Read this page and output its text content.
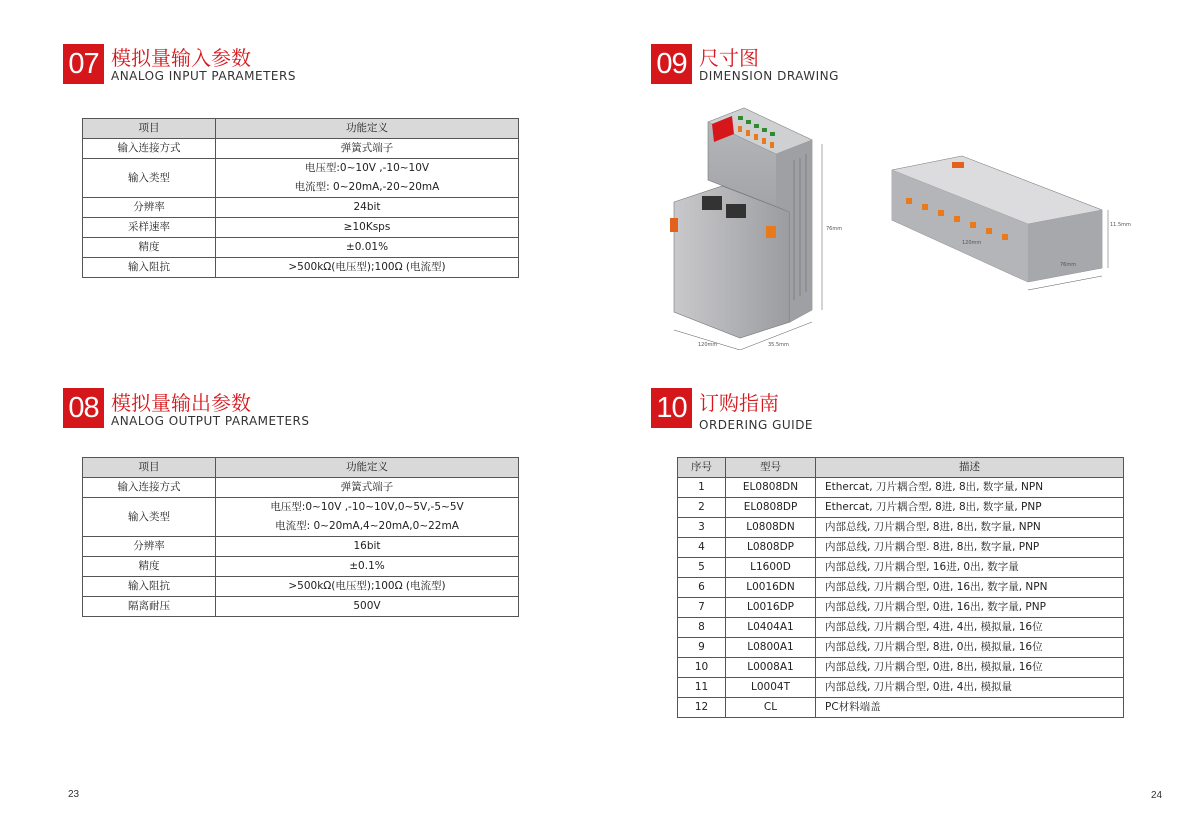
07 模拟量输入参数
ANALOG INPUT PARAMETERS
项目	功能定义
输入连接方式	弹簧式端子
输入类型	电压型:0~10V ,-10~10V
	电流型: 0~20mA,-20~20mA
分辨率	24bit
采样速率	≥10Ksps
精度	±0.01%
输入阻抗	>500kΩ(电压型);100Ω (电流型)
08 模拟量输出参数
ANALOG OUTPUT PARAMETERS
项目	功能定义
输入连接方式	弹簧式端子
输入类型	电压型:0~10V ,-10~10V,0~5V,-5~5V
	电流型: 0~20mA,4~20mA,0~22mA
分辨率	16bit
精度	±0.1%
输入阻抗	>500kΩ(电压型);100Ω (电流型)
隔离耐压	500V
09 尺寸图
DIMENSION DRAWING
76mm
120mm	35.5mm
120mm
76mm
11.5mm
10 订购指南
ORDERING GUIDE
序号	型号	描述
1	EL0808DN	Ethercat, 刀片耦合型, 8进, 8出, 数字量, NPN
2	EL0808DP	Ethercat, 刀片耦合型, 8进, 8出, 数字量, PNP
3	L0808DN	内部总线, 刀片耦合型, 8进, 8出, 数字量, NPN
4	L0808DP	内部总线, 刀片耦合型. 8进, 8出, 数字量, PNP
5	L1600D	内部总线, 刀片耦合型, 16进, 0出, 数字量
6	L0016DN	内部总线, 刀片耦合型, 0进, 16出, 数字量, NPN
7	L0016DP	内部总线, 刀片耦合型, 0进, 16出, 数字量, PNP
8	L0404A1	内部总线, 刀片耦合型, 4进, 4出, 模拟量, 16位
9	L0800A1	内部总线, 刀片耦合型, 8进, 0出, 模拟量, 16位
10	L0008A1	内部总线, 刀片耦合型, 0进, 8出, 模拟量, 16位
11	L0004T	内部总线, 刀片耦合型, 0进, 4出, 模拟量
12	CL	PC材料端盖
23	24
